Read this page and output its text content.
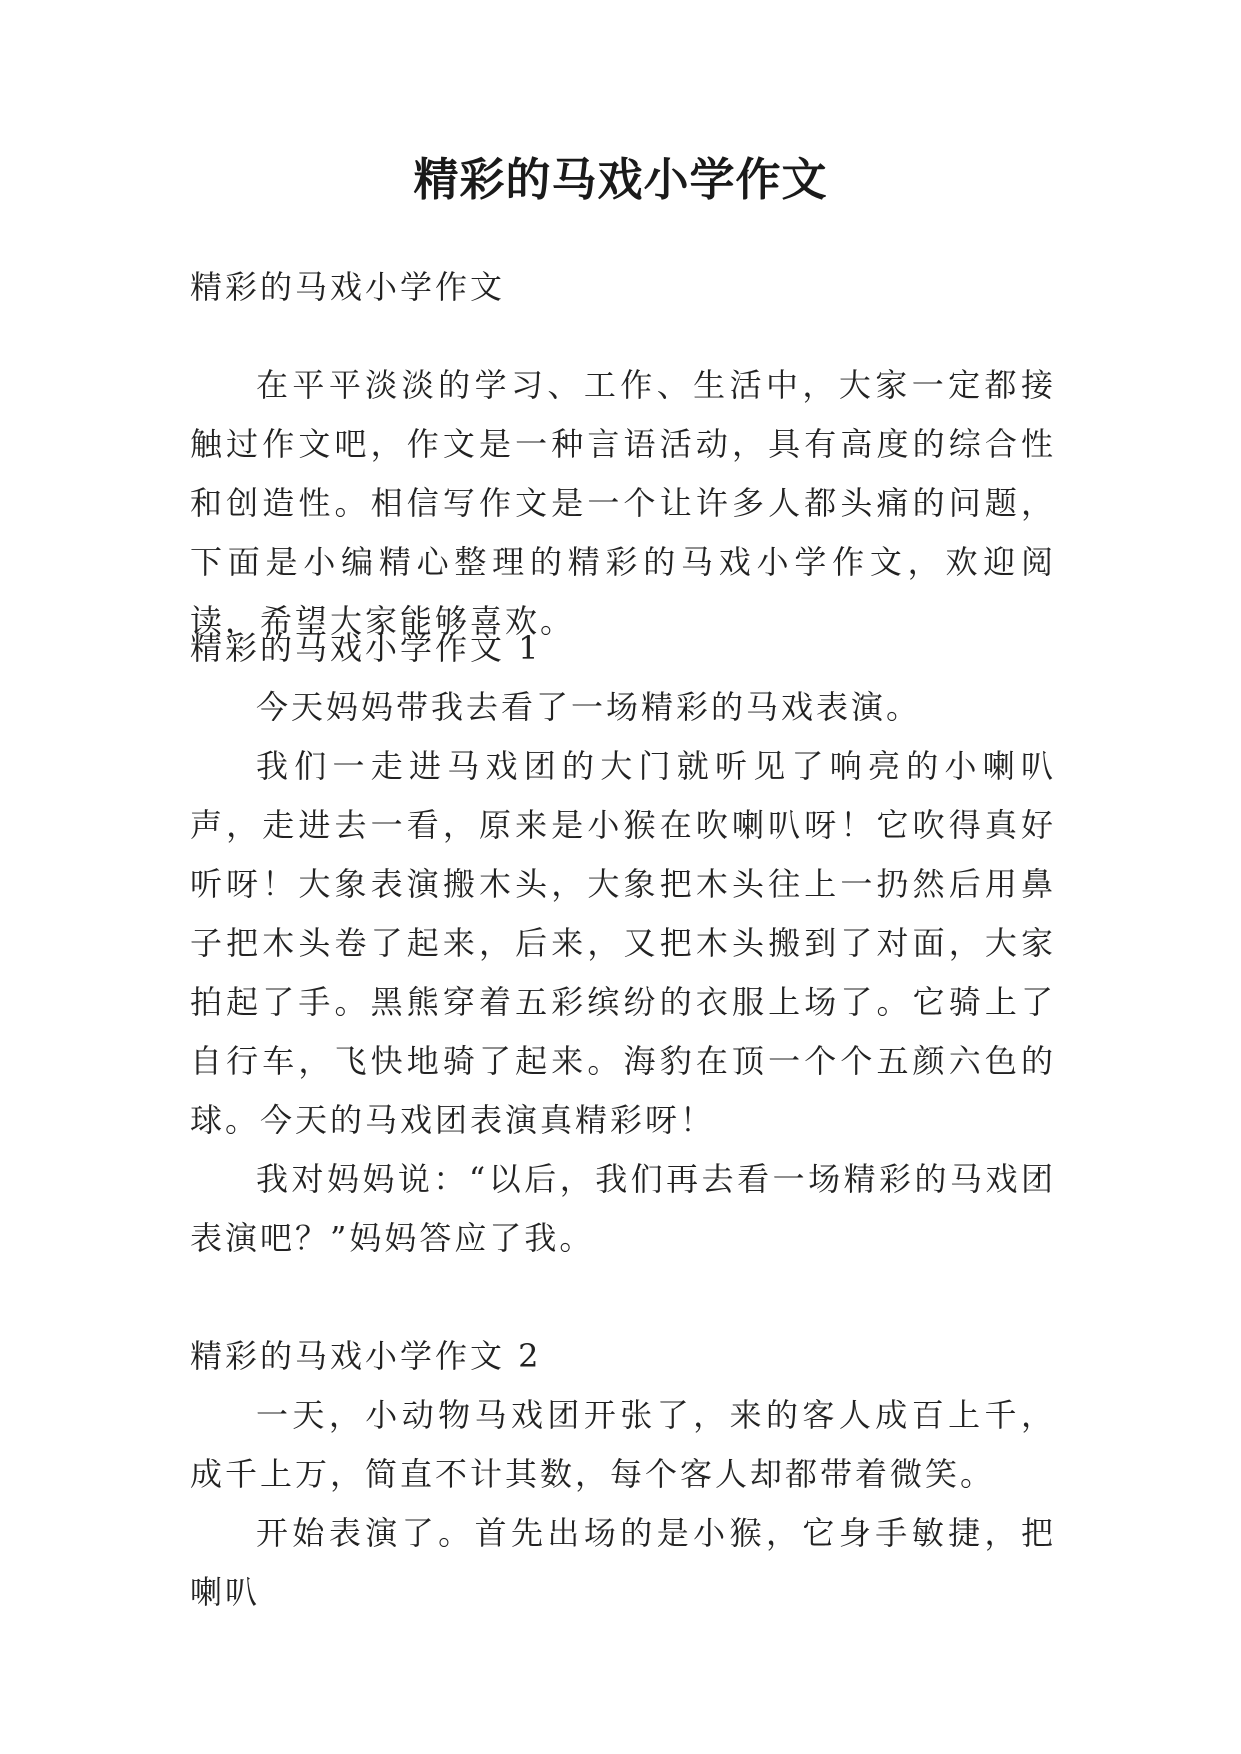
精彩的马戏小学作文
精彩的马戏小学作文

在平平淡淡的学习、工作、生活中，大家一定都接触过作文吧，作文是一种言语活动，具有高度的综合性和创造性。相信写作文是一个让许多人都头痛的问题，下面是小编精心整理的精彩的马戏小学作文，欢迎阅读，希望大家能够喜欢。

精彩的马戏小学作文 1

今天妈妈带我去看了一场精彩的马戏表演。

我们一走进马戏团的大门就听见了响亮的小喇叭声，走进去一看，原来是小猴在吹喇叭呀！它吹得真好听呀！大象表演搬木头，大象把木头往上一扔然后用鼻子把木头卷了起来，后来，又把木头搬到了对面，大家拍起了手。黑熊穿着五彩缤纷的衣服上场了。它骑上了自行车，飞快地骑了起来。海豹在顶一个个五颜六色的球。今天的马戏团表演真精彩呀！

我对妈妈说：“以后，我们再去看一场精彩的马戏团表演吧？”妈妈答应了我。

精彩的马戏小学作文 2

一天，小动物马戏团开张了，来的客人成百上千，成千上万，简直不计其数，每个客人却都带着微笑。

开始表演了。首先出场的是小猴，它身手敏捷，把喇叭
